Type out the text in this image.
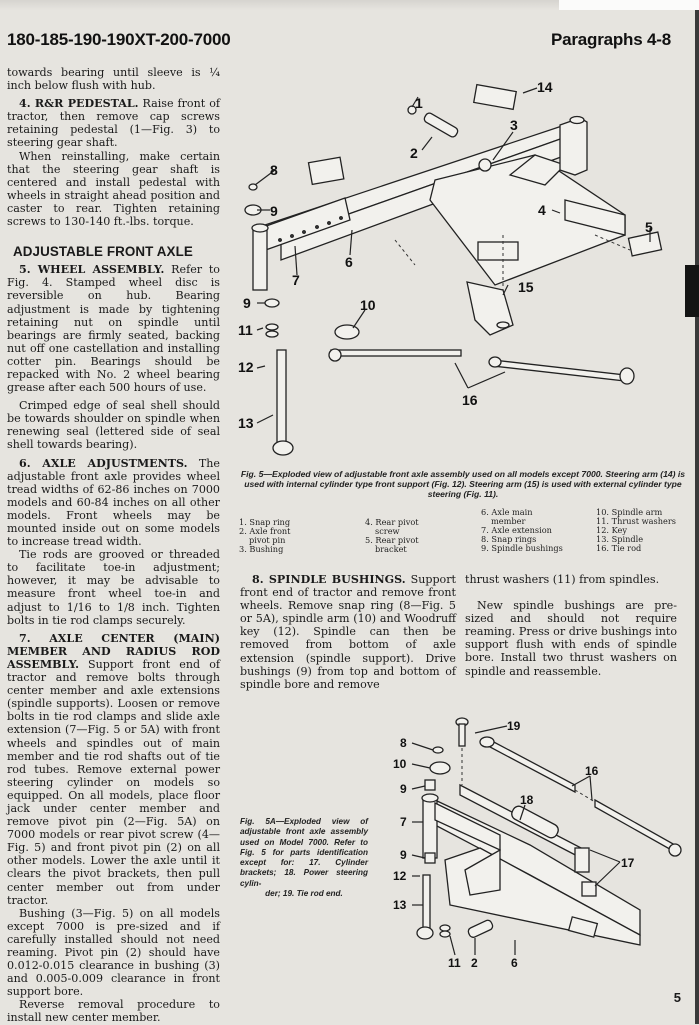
180-185-190-190XT-200-7000	Paragraphs 4-8

towards bearing until sleeve is ¼ inch below flush with hub.

4. R&R PEDESTAL. Raise front of tractor, then remove cap screws retaining pedestal (1—Fig. 3) to steering gear shaft.

When reinstalling, make certain that the steering gear shaft is centered and install pedestal with wheels in straight ahead position and caster to rear. Tighten retaining screws to 130-140 ft.-lbs. torque.

ADJUSTABLE FRONT AXLE

5. WHEEL ASSEMBLY. Refer to Fig. 4. Stamped wheel disc is reversible on hub. Bearing adjustment is made by tightening retaining nut on spindle until bearings are firmly seated, backing nut off one castellation and installing cotter pin. Bearings should be repacked with No. 2 wheel bearing grease after each 500 hours of use.

Crimped edge of seal shell should be towards shoulder on spindle when renewing seal (lettered side of seal shell towards bearing).

6. AXLE ADJUSTMENTS. The adjustable front axle provides wheel tread widths of 62-86 inches on 7000 models and 60-84 inches on all other models. Front wheels may be mounted inside out on some models to increase tread width.

Tie rods are grooved or threaded to facilitate toe-in adjustment; however, it may be advisable to measure front wheel toe-in and adjust to 1/16 to 1/8 inch. Tighten bolts in tie rod clamps securely.

7. AXLE CENTER (MAIN) MEMBER AND RADIUS ROD ASSEMBLY. Support front end of tractor and remove bolts through center member and axle extensions (spindle supports). Loosen or remove bolts in tie rod clamps and slide axle extension (7—Fig. 5 or 5A) with front wheels and spindles out of main member and tie rod shafts out of tie rod tubes. Remove external power steering cylinder on models so equipped. On all models, place floor jack under center member and remove pivot pin (2—Fig. 5A) on 7000 models or rear pivot screw (4—Fig. 5) and front pivot pin (2) on all other models. Lower the axle until it clears the pivot brackets, then pull center member out from under tractor.

Bushing (3—Fig. 5) on all models except 7000 is pre-sized and if carefully installed should not need reaming. Pivot pin (2) should have 0.012-0.015 clearance in bushing (3) and 0.005-0.009 clearance in front support bore.

Reverse removal procedure to install new center member.

1
2
3
4
5
6
7
8
9
9	10
11
12
13
14
15
16
Fig. 5—Exploded view of adjustable front axle assembly used on all models except 7000. Steering arm (14) is used with internal cylinder type front support (Fig. 12). Steering arm (15) is used with external cylinder type steering (Fig. 11).
1. Snap ring
2. Axle front
pivot pin
3. Bushing
4. Rear pivot
screw
5. Rear pivot
bracket
6. Axle main
member
7. Axle extension
8. Snap rings
9. Spindle bushings
10. Spindle arm
11. Thrust washers
12. Key
13. Spindle
16. Tie rod

8. SPINDLE BUSHINGS. Support front end of tractor and remove front wheels. Remove snap ring (8—Fig. 5 or 5A), spindle arm (10) and Woodruff key (12). Spindle can then be removed from bottom of axle extension (spindle support). Drive bushings (9) from top and bottom of spindle bore and remove

thrust washers (11) from spindles.

New spindle bushings are pre-sized and should not require reaming. Press or drive bushings into support flush with ends of spindle bore. Install two thrust washers on spindle and reassemble.

8
10
9
7
9
12
13
19
16
18
17
11 2	6
Fig. 5A—Exploded view of adjustable front axle assembly used on Model 7000. Refer to Fig. 5 for parts identification except for: 17. Cylinder brackets; 18. Power steering cylin-
der; 19. Tie rod end.
5
